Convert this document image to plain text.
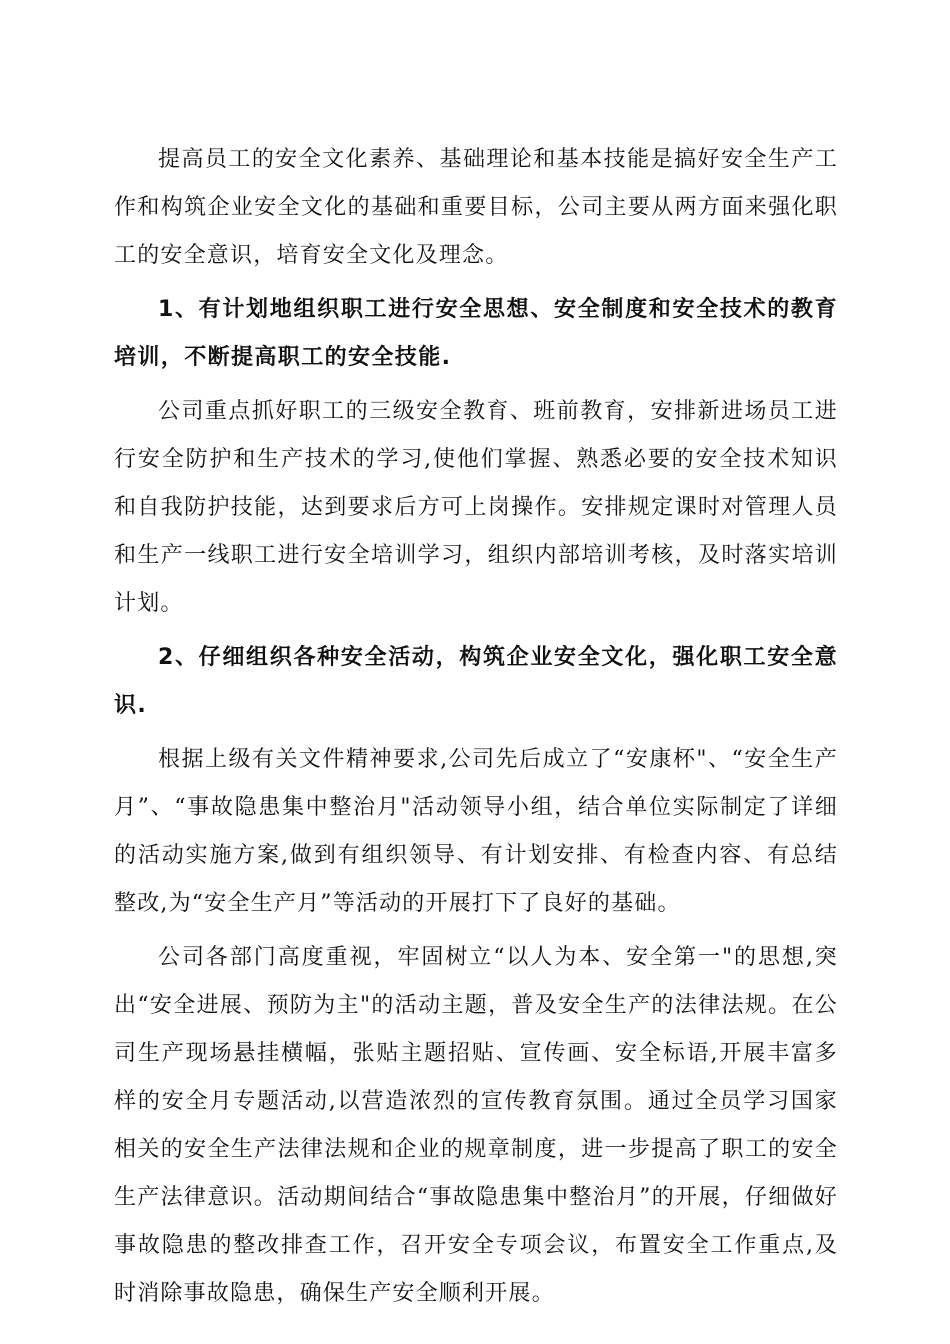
提高员工的安全文化素养、基础理论和基本技能是搞好安全生产工作和构筑企业安全文化的基础和重要目标，公司主要从两方面来强化职工的安全意识，培育安全文化及理念。

1、有计划地组织职工进行安全思想、安全制度和安全技术的教育培训，不断提高职工的安全技能.

公司重点抓好职工的三级安全教育、班前教育，安排新进场员工进行安全防护和生产技术的学习,使他们掌握、熟悉必要的安全技术知识和自我防护技能，达到要求后方可上岗操作。安排规定课时对管理人员和生产一线职工进行安全培训学习，组织内部培训考核，及时落实培训计划。

2、仔细组织各种安全活动，构筑企业安全文化，强化职工安全意识.

根据上级有关文件精神要求,公司先后成立了“安康杯"、“安全生产月”、“事故隐患集中整治月"活动领导小组，结合单位实际制定了详细的活动实施方案,做到有组织领导、有计划安排、有检查内容、有总结整改,为“安全生产月”等活动的开展打下了良好的基础。

公司各部门高度重视，牢固树立“以人为本、安全第一"的思想,突出“安全进展、预防为主"的活动主题，普及安全生产的法律法规。在公司生产现场悬挂横幅，张贴主题招贴、宣传画、安全标语,开展丰富多样的安全月专题活动,以营造浓烈的宣传教育氛围。通过全员学习国家相关的安全生产法律法规和企业的规章制度，进一步提高了职工的安全生产法律意识。活动期间结合“事故隐患集中整治月”的开展，仔细做好事故隐患的整改排查工作，召开安全专项会议，布置安全工作重点,及时消除事故隐患，确保生产安全顺利开展。
